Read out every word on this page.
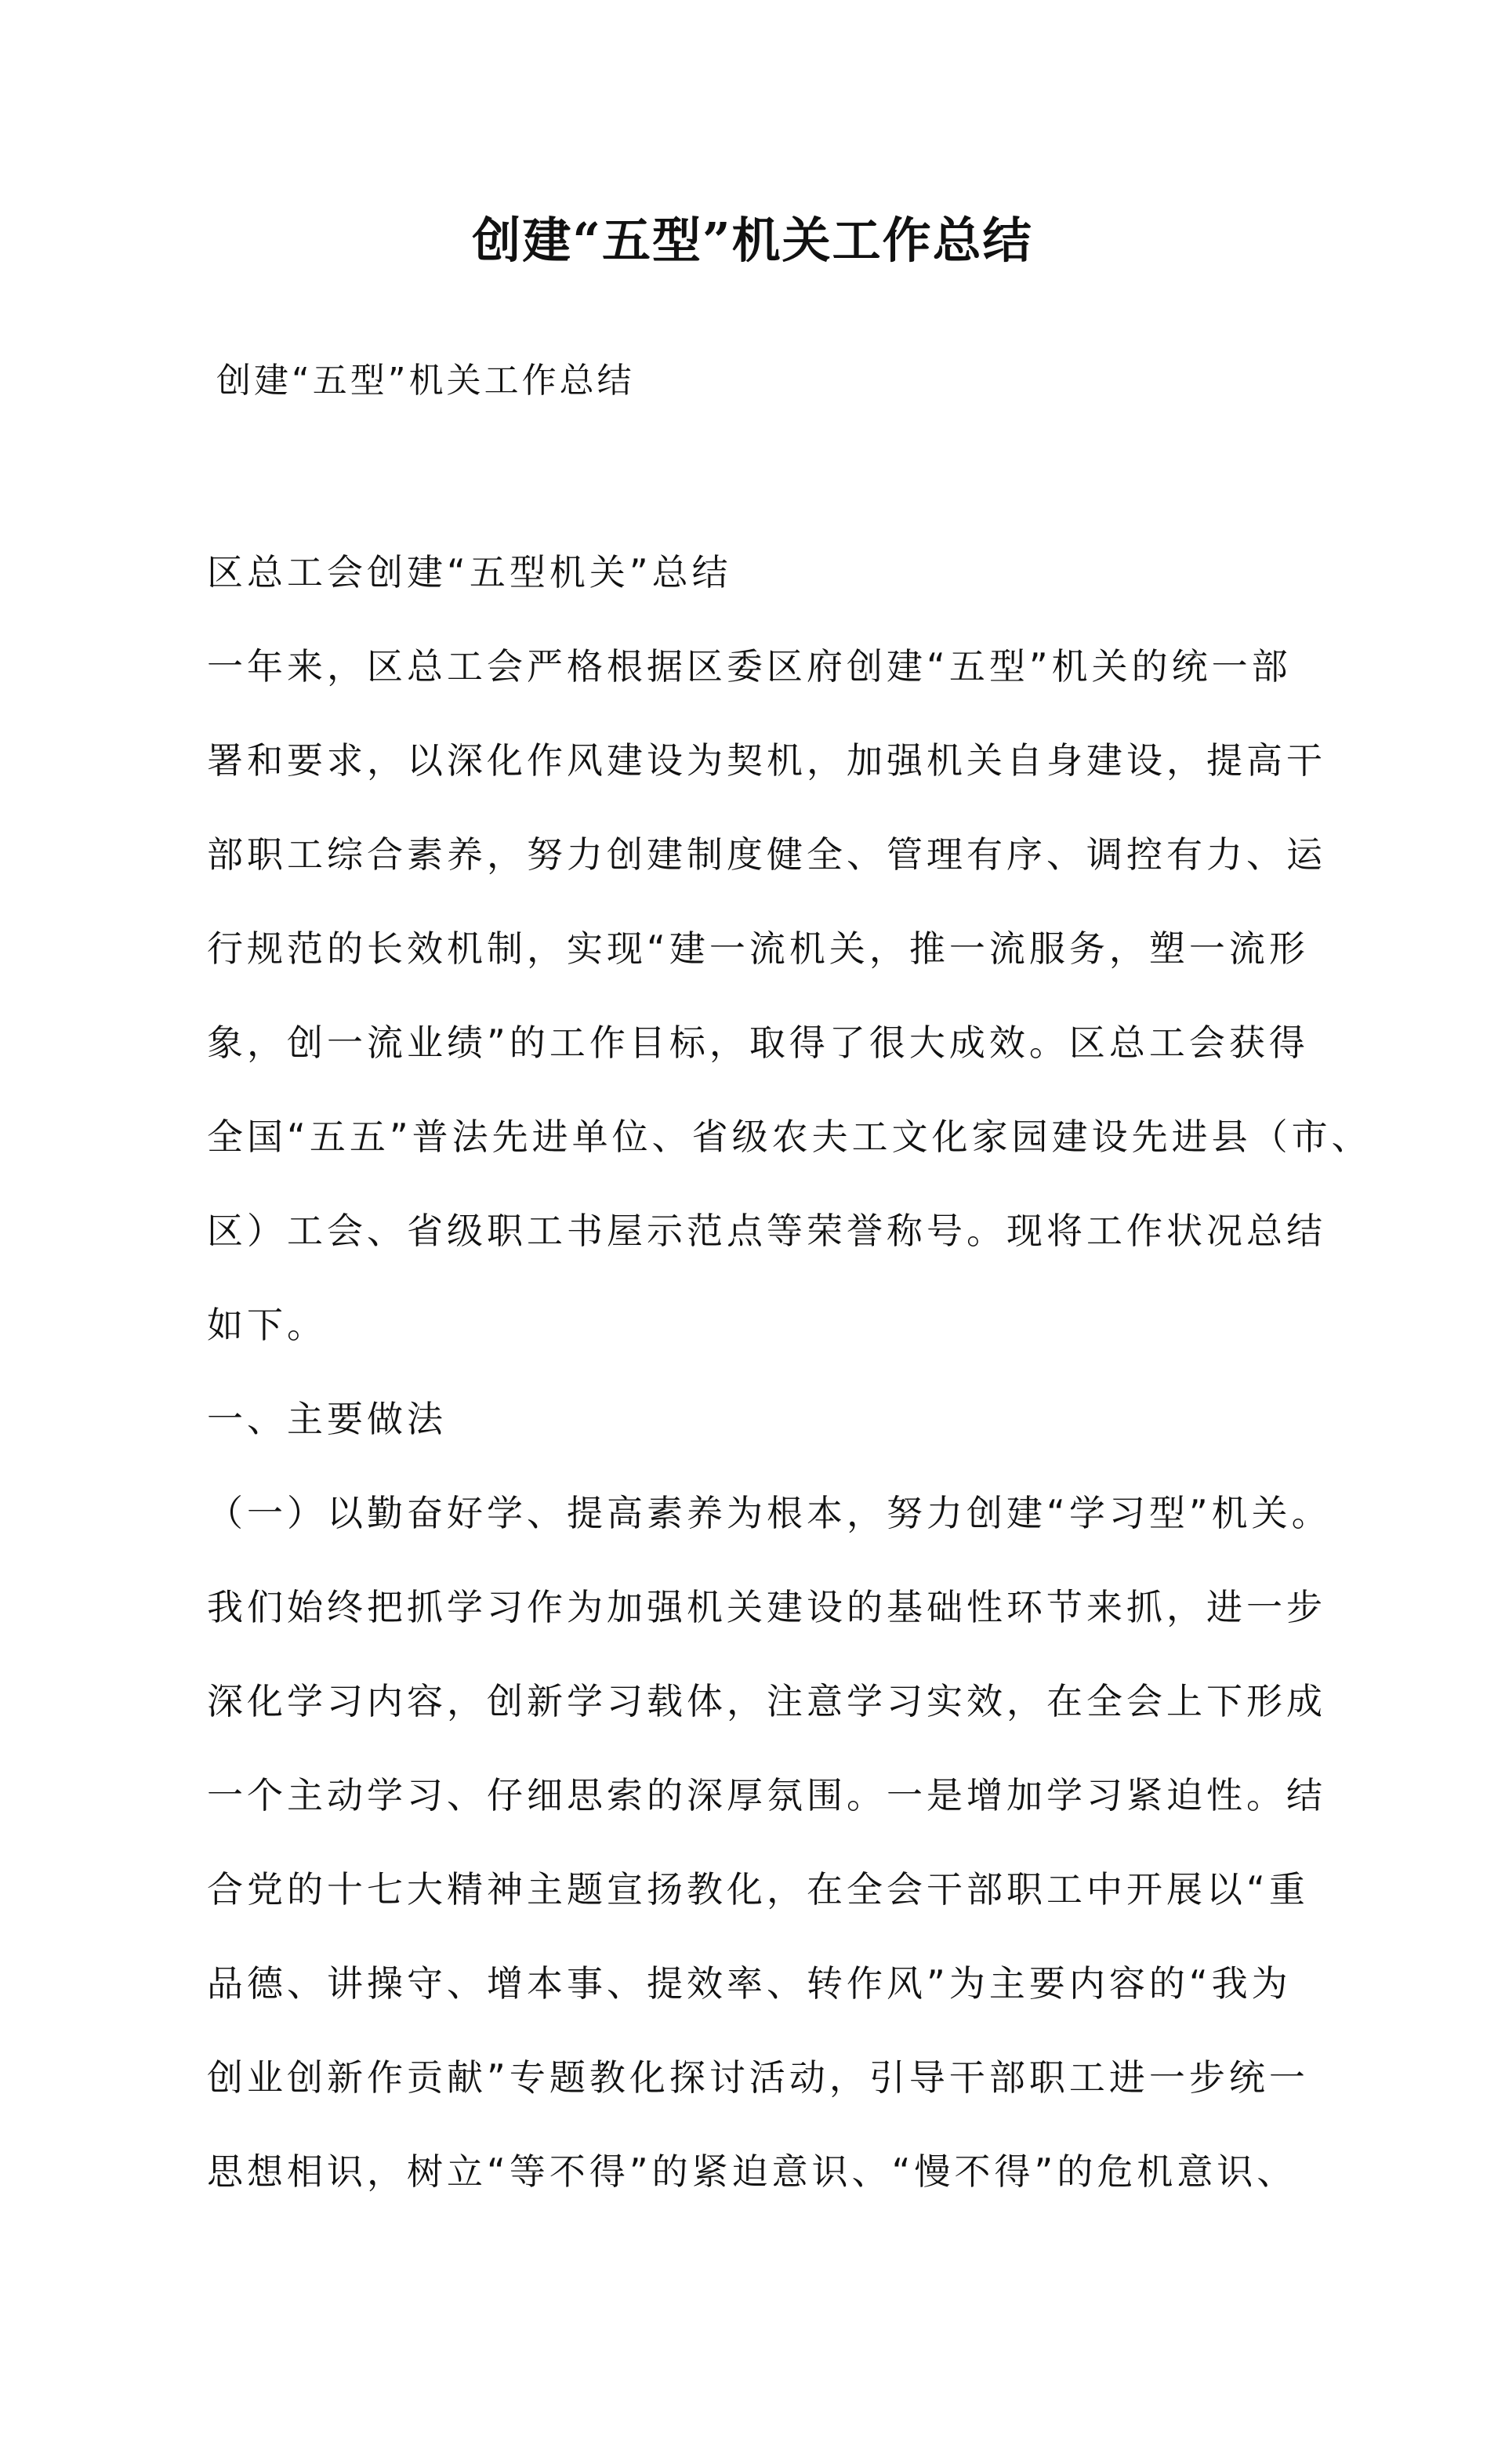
创建“五型”机关工作总结

创建“五型”机关工作总结

区总工会创建“五型机关”总结
一年来，区总工会严格根据区委区府创建“五型”机关的统一部
署和要求，以深化作风建设为契机，加强机关自身建设，提高干
部职工综合素养，努力创建制度健全、管理有序、调控有力、运
行规范的长效机制，实现“建一流机关，推一流服务，塑一流形
象，创一流业绩”的工作目标，取得了很大成效。区总工会获得
全国“五五”普法先进单位、省级农夫工文化家园建设先进县（市、
区）工会、省级职工书屋示范点等荣誉称号。现将工作状况总结
如下。
一、主要做法
（一）以勤奋好学、提高素养为根本，努力创建“学习型”机关。
我们始终把抓学习作为加强机关建设的基础性环节来抓，进一步
深化学习内容，创新学习载体，注意学习实效，在全会上下形成
一个主动学习、仔细思索的深厚氛围。一是增加学习紧迫性。结
合党的十七大精神主题宣扬教化，在全会干部职工中开展以“重
品德、讲操守、增本事、提效率、转作风”为主要内容的“我为
创业创新作贡献”专题教化探讨活动，引导干部职工进一步统一
思想相识，树立“等不得”的紧迫意识、“慢不得”的危机意识、
